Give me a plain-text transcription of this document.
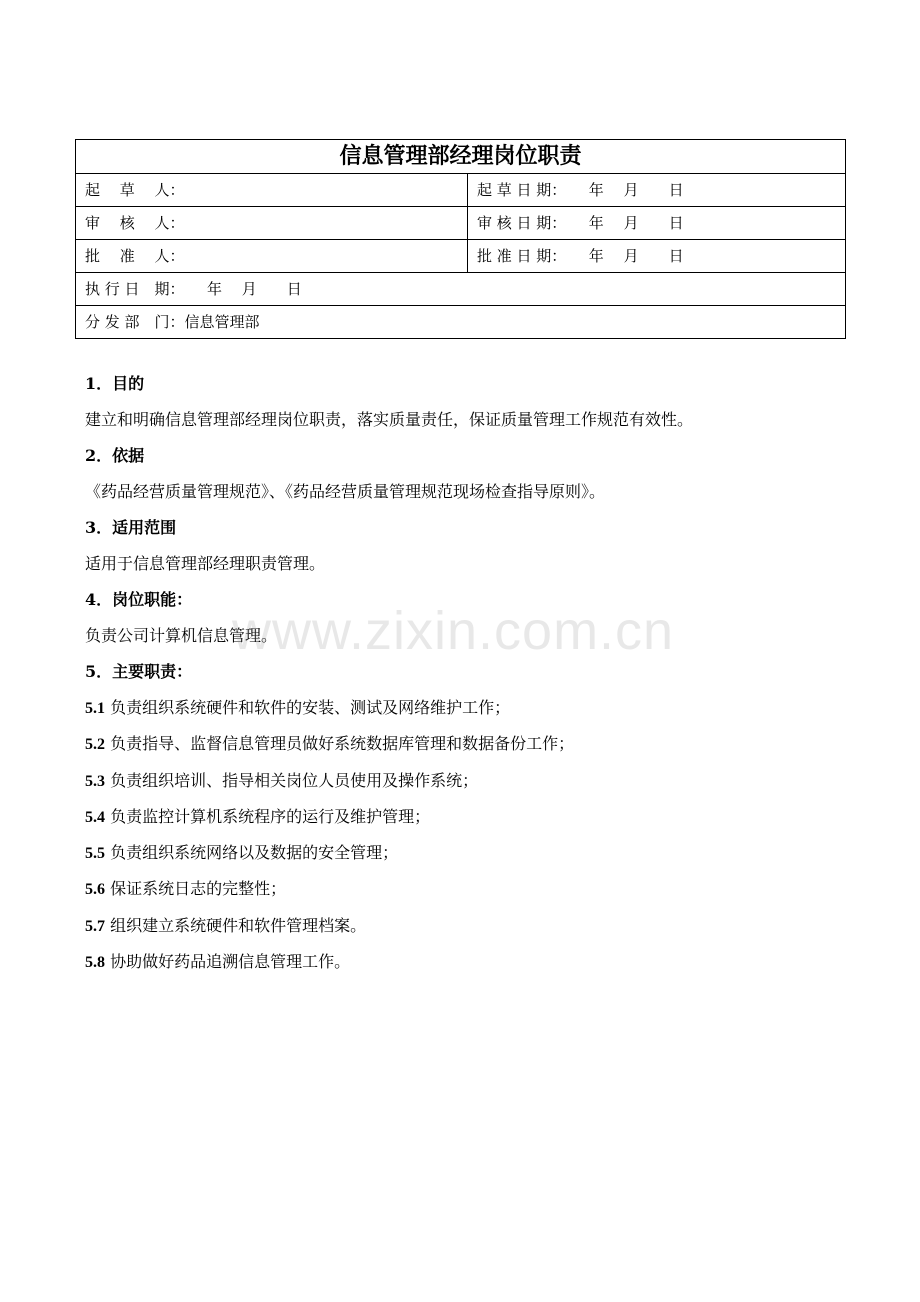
信息管理部经理岗位职责
起　 草　 人：	起 草 日 期：　　年　 月　　日
审　 核　 人：	审 核 日 期：　　年　 月　　日
批　 准　 人：	批 准 日 期：　　年　 月　　日
执 行 日　期：　　年　 月　　日
分 发 部　门：信息管理部
1．目的
建立和明确信息管理部经理岗位职责，落实质量责任，保证质量管理工作规范有效性。
2．依据
《药品经营质量管理规范》、《药品经营质量管理规范现场检查指导原则》。
3．适用范围
适用于信息管理部经理职责管理。
4．岗位职能：
负责公司计算机信息管理。
5．主要职责：
5.1 负责组织系统硬件和软件的安装、测试及网络维护工作；
5.2 负责指导、监督信息管理员做好系统数据库管理和数据备份工作；
5.3 负责组织培训、指导相关岗位人员使用及操作系统；
5.4 负责监控计算机系统程序的运行及维护管理；
5.5 负责组织系统网络以及数据的安全管理；
5.6 保证系统日志的完整性；
5.7 组织建立系统硬件和软件管理档案。
5.8 协助做好药品追溯信息管理工作。
www.zixin.com.cn
